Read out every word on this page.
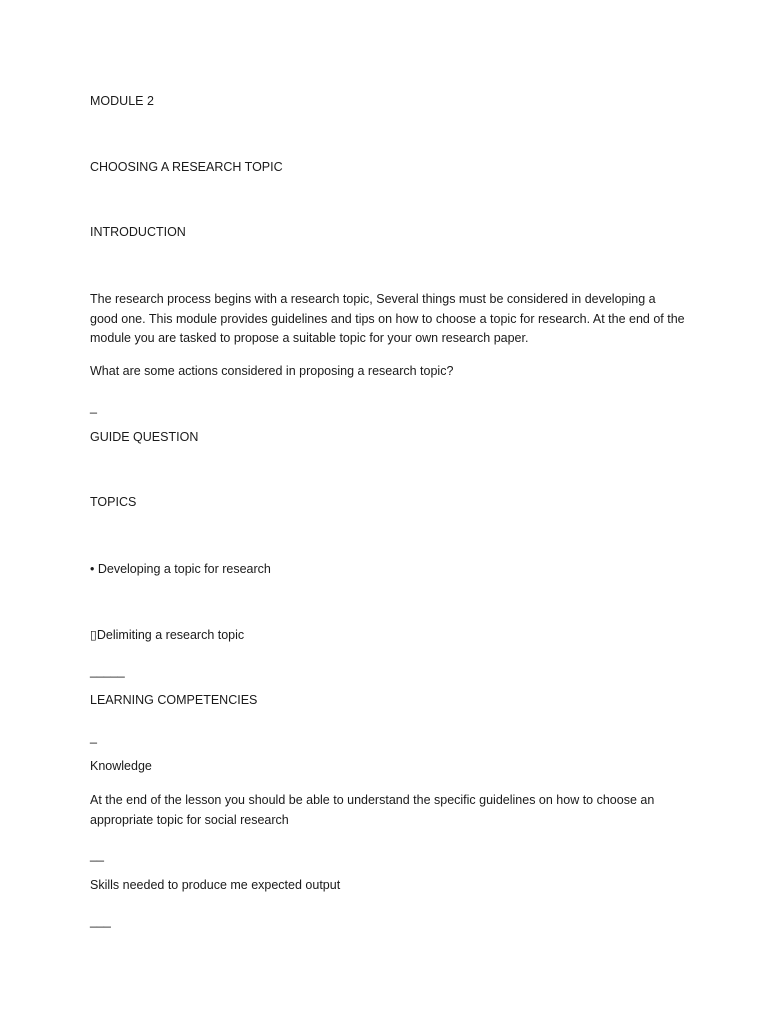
MODULE 2

CHOOSING A RESEARCH TOPIC

INTRODUCTION

The research process begins with a research topic, Several things must be considered in developing a good one. This module provides guidelines and tips on how to choose a topic for research. At the end of the module you are tasked to propose a suitable topic for your own research paper.

What are some actions considered in proposing a research topic?

_

GUIDE QUESTION

TOPICS

• Developing a topic for research

▯Delimiting a research topic

_____

LEARNING COMPETENCIES

_

Knowledge

At the end of the lesson you should be able to understand the specific guidelines on how to choose an appropriate topic for social research

__

Skills needed to produce me expected output

___
